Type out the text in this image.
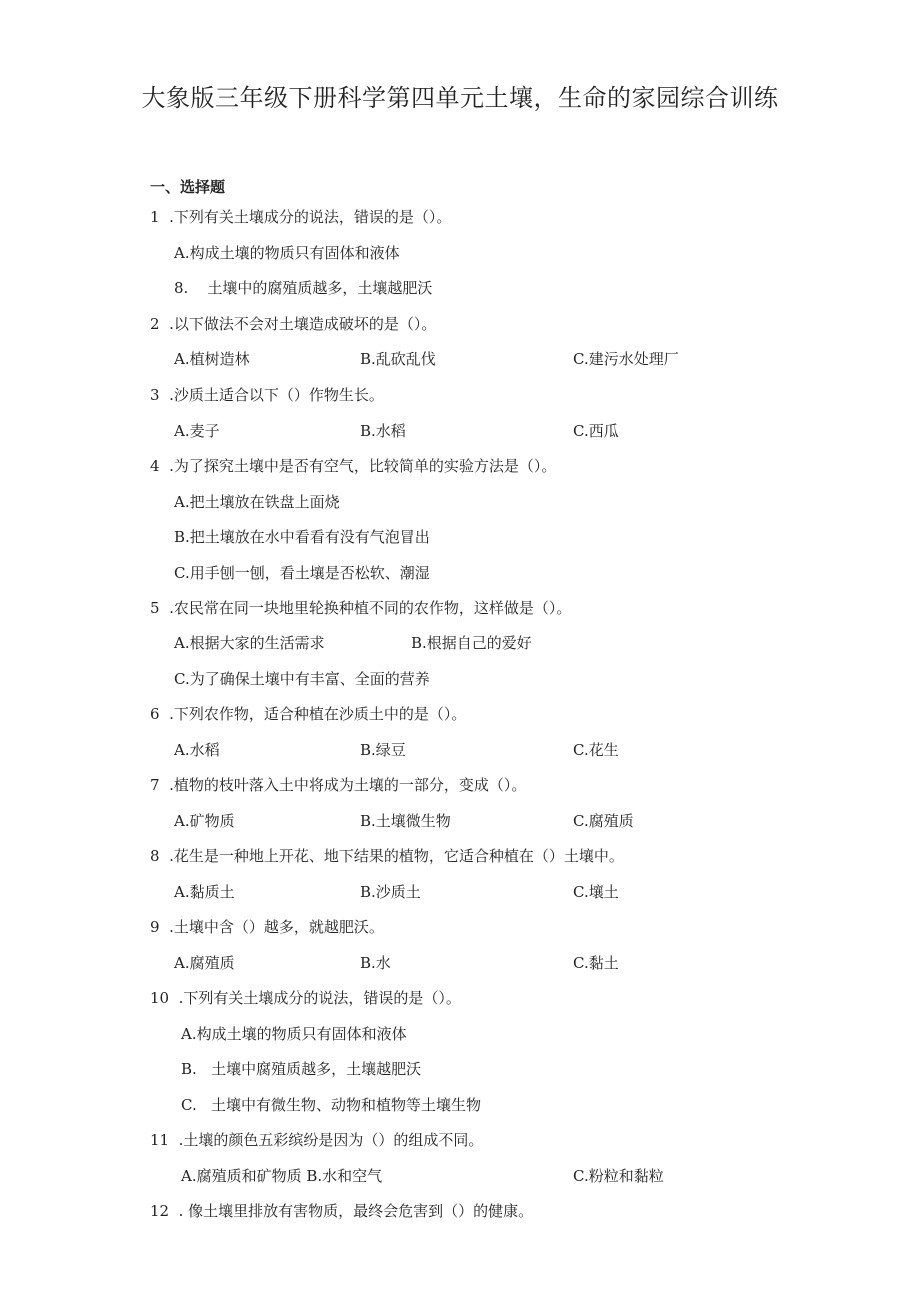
大象版三年级下册科学第四单元土壤，生命的家园综合训练
一、选择题
1  .下列有关土壤成分的说法，错误的是（）。
A.构成土壤的物质只有固体和液体
8.    土壤中的腐殖质越多，土壤越肥沃
2  .以下做法不会对土壤造成破坏的是（）。
A.植树造林	B.乱砍乱伐	C.建污水处理厂
3  .沙质土适合以下（）作物生长。
A.麦子	B.水稻	C.西瓜
4  .为了探究土壤中是否有空气，比较简单的实验方法是（）。
A.把土壤放在铁盘上面烧
B.把土壤放在水中看看有没有气泡冒出
C.用手刨一刨，看土壤是否松软、潮湿
5  .农民常在同一块地里轮换种植不同的农作物，这样做是（）。
A.根据大家的生活需求	B.根据自己的爱好
C.为了确保土壤中有丰富、全面的营养
6  .下列农作物，适合种植在沙质土中的是（）。
A.水稻	B.绿豆	C.花生
7  .植物的枝叶落入土中将成为土壤的一部分，变成（）。
A.矿物质	B.土壤微生物	C.腐殖质
8  .花生是一种地上开花、地下结果的植物，它适合种植在（）土壤中。
A.黏质土	B.沙质土	C.壤土
9  .土壤中含（）越多，就越肥沃。
A.腐殖质	B.水	C.黏土
10  .下列有关土壤成分的说法，错误的是（）。
A.构成土壤的物质只有固体和液体
B.   土壤中腐殖质越多，土壤越肥沃
C.   土壤中有微生物、动物和植物等土壤生物
11  .土壤的颜色五彩缤纷是因为（）的组成不同。
A.腐殖质和矿物质 B.水和空气	C.粉粒和黏粒
12  . 像土壤里排放有害物质，最终会危害到（）的健康。
